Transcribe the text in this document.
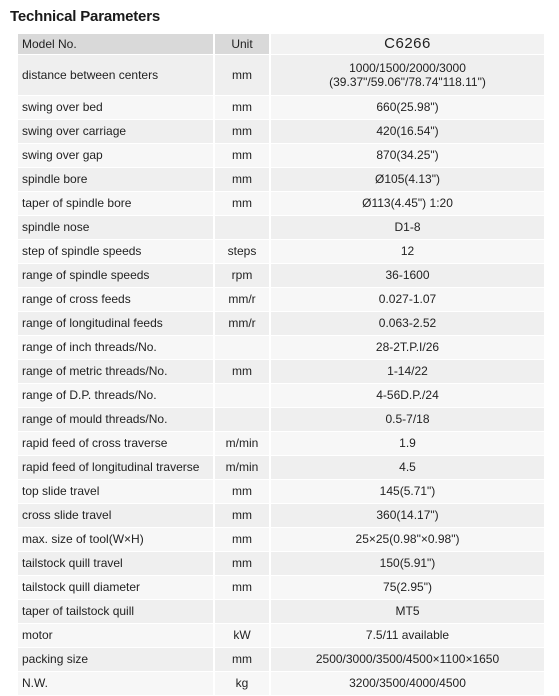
Technical Parameters
Model No.	Unit	C6266
distance between centers	mm	1000/1500/2000/3000
(39.37"/59.06"/78.74"118.11")

swing over bed	mm	660(25.98")
swing over carriage	mm	420(16.54")
swing over gap	mm	870(34.25")
spindle bore	mm	Ø105(4.13")
taper of spindle bore	mm	Ø113(4.45") 1:20
spindle nose		D1-8
step of spindle speeds	steps	12
range of spindle speeds	rpm	36-1600
range of cross feeds	mm/r	0.027-1.07
range of longitudinal feeds	mm/r	0.063-2.52
range of inch threads/No.		28-2T.P.I/26
range of metric threads/No.	mm	1-14/22
range of D.P. threads/No.		4-56D.P./24
range of mould threads/No.		0.5-7/18
rapid feed of cross traverse	m/min	1.9
rapid feed of longitudinal traverse	m/min	4.5
top slide travel	mm	145(5.71")
cross slide travel	mm	360(14.17")
max. size of tool(W×H)	mm	25×25(0.98"×0.98")
tailstock quill travel	mm	150(5.91")
tailstock quill diameter	mm	75(2.95")
taper of tailstock quill		MT5
motor	kW	7.5/11 available
packing size	mm	2500/3000/3500/4500×1100×1650
N.W.	kg	3200/3500/4000/4500
